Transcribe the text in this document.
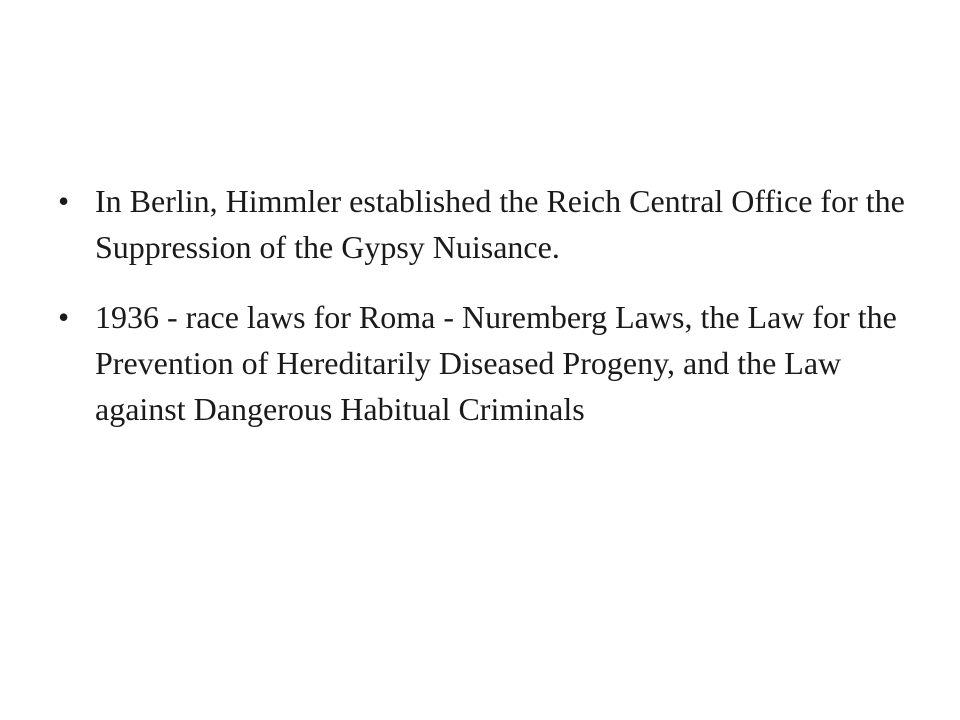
• In Berlin, Himmler established the Reich Central Office for the Suppression of the Gypsy Nuisance.
• 1936 - race laws for Roma - Nuremberg Laws, the Law for the Prevention of Hereditarily Diseased Progeny, and the Law against Dangerous Habitual Criminals
